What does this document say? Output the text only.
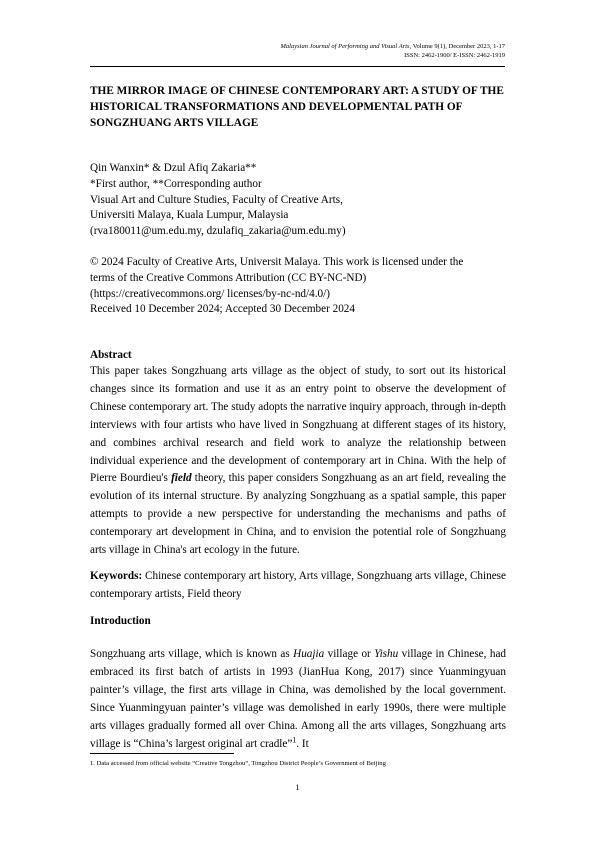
Malaysian Journal of Performing and Visual Arts, Volume 9(1), December 2023, 1-17
ISSN: 2462-1900/ E-ISSN: 2462-1919
THE MIRROR IMAGE OF CHINESE CONTEMPORARY ART: A STUDY OF THE HISTORICAL TRANSFORMATIONS AND DEVELOPMENTAL PATH OF SONGZHUANG ARTS VILLAGE
Qin Wanxin* & Dzul Afiq Zakaria**
*First author, **Corresponding author
Visual Art and Culture Studies, Faculty of Creative Arts,
Universiti Malaya, Kuala Lumpur, Malaysia
(rva180011@um.edu.my, dzulafiq_zakaria@um.edu.my)
© 2024 Faculty of Creative Arts, Universit Malaya. This work is licensed under the
terms of the Creative Commons Attribution (CC BY-NC-ND)
(https://creativecommons.org/ licenses/by-nc-nd/4.0/)
Received 10 December 2024; Accepted 30 December 2024
Abstract

This paper takes Songzhuang arts village as the object of study, to sort out its historical changes since its formation and use it as an entry point to observe the development of Chinese contemporary art. The study adopts the narrative inquiry approach, through in-depth interviews with four artists who have lived in Songzhuang at different stages of its history, and combines archival research and field work to analyze the relationship between individual experience and the development of contemporary art in China. With the help of Pierre Bourdieu's field theory, this paper considers Songzhuang as an art field, revealing the evolution of its internal structure. By analyzing Songzhuang as a spatial sample, this paper attempts to provide a new perspective for understanding the mechanisms and paths of contemporary art development in China, and to envision the potential role of Songzhuang arts village in China's art ecology in the future.

Keywords: Chinese contemporary art history, Arts village, Songzhuang arts village, Chinese contemporary artists, Field theory

Introduction

Songzhuang arts village, which is known as Huajia village or Yishu village in Chinese, had embraced its first batch of artists in 1993 (JianHua Kong, 2017) since Yuanmingyuan painter’s village, the first arts village in China, was demolished by the local government. Since Yuanmingyuan painter’s village was demolished in early 1990s, there were multiple arts villages gradually formed all over China. Among all the arts villages, Songzhuang arts village is “China’s largest original art cradle”$^1$. It

1. Data accessed from official website “Creative Tongzhou”, Tongzhou District People’s Government of Beijing
1
